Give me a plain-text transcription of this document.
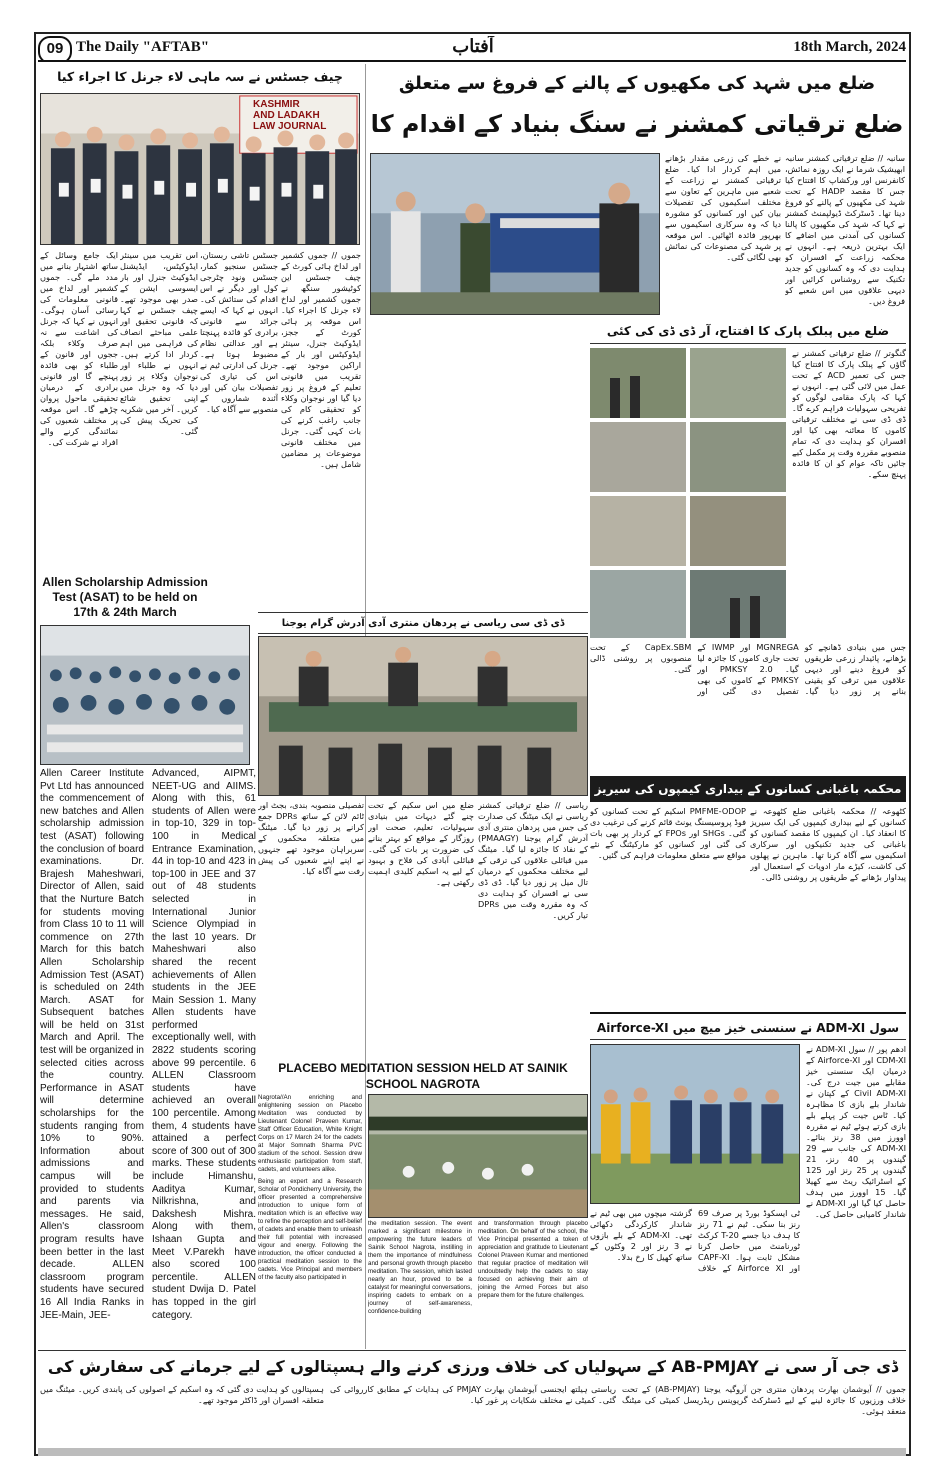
09 The Daily "AFTAB"	آفتاب	18th March, 2024
چیف جسٹس نے سہ ماہی لاء جرنل کا اجراء کیا
KASHMIR
AND LADAKH
LAW JOURNAL
جموں // جموں کشمیر اور لداخ ہائی کورٹ کے چیف جسٹس این کوٹیشور سنگھ نے جموں کشمیر اور لداخ لاء جرنل کا اجراء کیا۔ اس موقعہ پر ہائی کورٹ کے ججز، ایڈوکیٹ جنرل، سینئر ایڈوکیٹس اور بار کے اراکین موجود تھے۔ تقریب میں قانونی تعلیم کے فروغ پر زور دیا گیا اور نوجوان وکلاء کو تحقیقی کام کی جانب راغب کرنے کی بات کہی گئی۔ جرنل میں مختلف قانونی موضوعات پر مضامین شامل ہیں۔
جسٹس تاشی ربستان، جسٹس سنجیو کمار، جسٹس ونود چٹرجی کول اور دیگر نے اس اقدام کی ستائش کی۔ انہوں نے کہا کہ ایسے جرائد سے قانونی برادری کو فائدہ پہنچتا ہے اور عدالتی نظام مضبوط ہوتا ہے۔ جرنل کی ادارتی ٹیم نے اس کی تیاری کی تفصیلات بیان کیں اور آئندہ شماروں کے منصوبے سے آگاہ کیا۔
اس تقریب میں سینئر ایڈوکیٹس، ایڈیشنل ایڈوکیٹ جنرل اور بار ایسوسی ایشن کے صدر بھی موجود تھے۔ چیف جسٹس نے کہا کہ قانونی تحقیق اور علمی مباحثے انصاف کی فراہمی میں اہم کردار ادا کرتے ہیں۔ انہوں نے طلباء اور نوجوان وکلاء پر زور دیا کہ وہ جرنل میں اپنی تحقیق شائع کریں۔ آخر میں شکریہ کی تحریک پیش کی گئی۔
ایک جامع وسائل کے ساتھ اشتہار بنانے میں مدد ملے گی۔ جموں کشمیر اور لداخ میں قانونی معلومات کی رسائی آسان ہوگی۔ انہوں نے کہا کہ جرنل کی اشاعت سے نہ صرف وکلاء بلکہ ججوں اور قانون کے طلباء کو بھی فائدہ پہنچے گا اور قانونی برادری کے درمیان تحقیقی ماحول پروان چڑھے گا۔ اس موقعہ پر مختلف شعبوں کی نمائندگی کرنے والے افراد نے شرکت کی۔
Allen Scholarship Admission Test (ASAT) to be held on 17th & 24th March
Allen Career Institute Pvt Ltd has announced the commencement of new batches and Allen scholarship admission test (ASAT) following the conclusion of board examinations. Dr. Brajesh Maheshwari, Director of Allen, said that the Nurture Batch for students moving from Class 10 to 11 will commence on 27th March for this batch Allen Scholarship Admission Test (ASAT) is scheduled on 24th March. ASAT for Subsequent batches will be held on 31st March and April. The test will be organized in selected cities across the country. Performance in ASAT will determine scholarships for the students ranging from 10% to 90%. Information about admissions and campus will be provided to students and parents via messages. He said, Allen's classroom program results have been better in the last decade. ALLEN classroom program students have secured 16 All India Ranks in JEE-Main, JEE-
Advanced, AIPMT, NEET-UG and AIIMS. Along with this, 61 students of Allen were in top-10, 329 in top-100 in Medical Entrance Examination, 44 in top-10 and 423 in top-100 in JEE and 37 out of 48 students selected in International Junior Science Olympiad in the last 10 years. Dr Maheshwari also shared the recent achievements of Allen students in the JEE Main Session 1. Many Allen students have performed exceptionally well, with 2822 students scoring above 99 percentile. 6 ALLEN Classroom students have achieved an overall 100 percentile. Among them, 4 students have attained a perfect score of 300 out of 300 marks. These students include Himanshu, Aaditya Kumar, Nilkrishna, and Dakshesh Mishra. Along with them, Ishaan Gupta and Meet V.Parekh have also scored 100 percentile. ALLEN student Dwija D. Patel has topped in the girl category.
ضلع میں شہد کی مکھیوں کے پالنے کے فروغ سے متعلق
ضلع ترقیاتی کمشنر نے سنگ بنیاد کے اقدام کا
نے خطے کی زرعی مقدار بڑھانے میں اہم کردار ادا کیا۔ ضلع ترقیاتی کمشنر نے زراعت کے شعبے میں ماہرین کے تعاون سے مختلف اسکیموں کی تفصیلات بیان کیں اور کسانوں کو مشورہ دیا کہ وہ سرکاری اسکیموں سے بھرپور فائدہ اٹھائیں۔ اس موقعہ پر شہد کی مصنوعات کی نمائش بھی لگائی گئی۔
سانبہ // ضلع ترقیاتی کمشنر سانبہ ابھیشیک شرما نے ایک روزہ نمائش، کانفرنس اور ورکشاپ کا افتتاح کیا جس کا مقصد HADP کے تحت شہد کی مکھیوں کے پالنے کو فروغ دینا تھا۔ ڈسٹرکٹ ڈیولپمنٹ کمشنر نے کہا کہ شہد کی مکھیوں کا پالنا کسانوں کی آمدنی میں اضافے کا ایک بہترین ذریعہ ہے۔ انہوں نے محکمہ زراعت کے افسران کو ہدایت دی کہ وہ کسانوں کو جدید تکنیک سے روشناس کرائیں اور دیہی علاقوں میں اس شعبے کو فروغ دیں۔
ضلع میں پبلک پارک کا افتتاح، آر ڈی ڈی کی کئی
گنگوتر // ضلع ترقیاتی کمشنر نے گاؤں کے پبلک پارک کا افتتاح کیا جس کی تعمیر ACD کے تحت عمل میں لائی گئی ہے۔ انہوں نے کہا کہ پارک مقامی لوگوں کو تفریحی سہولیات فراہم کرے گا۔ ڈی ڈی سی نے مختلف ترقیاتی کاموں کا معائنہ بھی کیا اور افسران کو ہدایت دی کہ تمام منصوبے مقررہ وقت پر مکمل کیے جائیں تاکہ عوام کو ان کا فائدہ پہنچ سکے۔
جس میں بنیادی ڈھانچے کو بڑھانے، پائیدار زرعی طریقوں کو فروغ دینے اور دیہی علاقوں میں ترقی کو یقینی بنانے پر زور دیا گیا۔ MGNREGA اور IWMP کے تحت جاری کاموں کا جائزہ لیا گیا۔ PMKSY 2.0 اور PMKSY کے کاموں کی بھی تفصیل دی گئی اور CapEx.SBM کے تحت منصوبوں پر روشنی ڈالی گئی۔
ڈی ڈی سی ریاسی نے پردھان منتری آدی آدرش گرام یوجنا
ریاسی // ضلع ترقیاتی کمشنر ریاسی نے ایک میٹنگ کی صدارت کی جس میں پردھان منتری آدی آدرش گرام یوجنا (PMAAGY) کے نفاذ کا جائزہ لیا گیا۔ میٹنگ میں قبائلی علاقوں کی ترقی کے لیے مختلف محکموں کے درمیان تال میل پر زور دیا گیا۔ ڈی ڈی سی نے افسران کو ہدایت دی کہ وہ مقررہ وقت میں DPRs تیار کریں۔
ضلع میں اس سکیم کے تحت چنے گئے دیہات میں بنیادی سہولیات، تعلیم، صحت اور روزگار کے مواقع کو بہتر بنانے کی ضرورت پر بات کی گئی۔ قبائلی آبادی کی فلاح و بہبود کے لیے یہ اسکیم کلیدی اہمیت رکھتی ہے۔
تفصیلی منصوبہ بندی، بجٹ اور ٹائم لائن کے ساتھ DPRs جمع کرانے پر زور دیا گیا۔ میٹنگ میں متعلقہ محکموں کے سربراہان موجود تھے جنہوں نے اپنے اپنے شعبوں کی پیش رفت سے آگاہ کیا۔
PLACEBO MEDITATION SESSION HELD AT SAINIK SCHOOL NAGROTA
Nagrota//An enriching and enlightening session on Placebo Meditation was conducted by Lieutenant Colonel Praveen Kumar, Staff Officer Education, White Knight Corps on 17 March 24 for the cadets at Major Somnath Sharma PVC stadium of the school. Session drew enthusiastic participation from staff, cadets, and volunteers alike.
Being an expert and a Research Scholar of Pondicherry University, the officer presented a comprehensive introduction to unique form of meditation which is an effective way to refine the perception and self-belief of cadets and enable them to unleash their full potential with increased vigour and energy. Following the introduction, the officer conducted a practical meditation session to the cadets. Vice Principal and members of the faculty also participated in
the meditation session. The event marked a significant milestone in empowering the future leaders of Sainik School Nagrota, instilling in them the importance of mindfulness and personal growth through placebo meditation. The session, which lasted nearly an hour, proved to be a catalyst for meaningful conversations, inspiring cadets to embark on a journey of self-awareness, confidence-building
and transformation through placebo meditation. On behalf of the school, the Vice Principal presented a token of appreciation and gratitude to Lieutenant Colonel Praveen Kumar and mentioned that regular practice of meditation will undoubtedly help the cadets to stay focused on achieving their aim of joining the Armed Forces but also prepare them for the future challenges.
محکمہ باغبانی کسانوں کے بیداری کیمپوں کی سیریز
کٹھوعہ // محکمہ باغبانی ضلع کٹھوعہ نے کسانوں کے لیے بیداری کیمپوں کی ایک سیریز کا انعقاد کیا۔ ان کیمپوں کا مقصد کسانوں کو باغبانی کی جدید تکنیکوں اور سرکاری اسکیموں سے آگاہ کرنا تھا۔ ماہرین نے پھلوں کی کاشت، کیڑے مار ادویات کے استعمال اور پیداوار بڑھانے کے طریقوں پر روشنی ڈالی۔
PMFME-ODOP اسکیم کے تحت کسانوں کو فوڈ پروسیسنگ یونٹ قائم کرنے کی ترغیب دی گئی۔ SHGs اور FPOs کے کردار پر بھی بات کی گئی اور کسانوں کو مارکیٹنگ کے نئے مواقع سے متعلق معلومات فراہم کی گئیں۔
سول ADM-XI نے سنسنی خیز میچ میں Airforce-XI
ادھم پور // سول ADM-XI نے CDM-XI اور Airforce-XI کے درمیان ایک سنسنی خیز مقابلے میں جیت درج کی۔ Civil ADM-XI کے کپتان نے شاندار بلے بازی کا مظاہرہ کیا۔ ٹاس جیت کر پہلے بلے بازی کرتے ہوئے ٹیم نے مقررہ اوورز میں 38 رنز بنائے۔ ADM-XI کی جانب سے 29 گیندوں پر 40 رنز، 21 گیندوں پر 25 رنز اور 125 کے اسٹرائیک ریٹ سے کھیلا گیا۔ 15 اوورز میں ہدف حاصل کیا گیا اور ADM-XI نے شاندار کامیابی حاصل کی۔
ٹی ایسکوڈ بورڈ پر صرف 69 رنز بنا سکی۔ ٹیم نے 71 رنز کا ہدف دیا جسے T-20 کرکٹ ٹورنامنٹ میں حاصل کرنا مشکل ثابت ہوا۔ CAPF-XI اور Airforce XI کے خلاف گزشتہ میچوں میں بھی ٹیم نے شاندار کارکردگی دکھائی تھی۔ ADM-XI کے بلے بازوں نے 3 رنز اور 2 وکٹوں کے ساتھ کھیل کا رخ بدلا۔
ڈی جی آر سی نے AB-PMJAY کے سہولیاں کی خلاف ورزی کرنے والے ہسپتالوں کے لیے جرمانے کی سفارش کی
جموں // آیوشمان بھارت پردھان منتری جن آروگیہ یوجنا (AB-PMJAY) کے تحت خلاف ورزیوں کا جائزہ لینے کے لیے ڈسٹرکٹ گریوینس ریڈریسل کمیٹی کی میٹنگ منعقد ہوئی۔
ریاستی ہیلتھ ایجنسی آیوشمان بھارت PMJAY کی ہدایات کے مطابق کارروائی کی گئی۔ کمیٹی نے مختلف شکایات پر غور کیا۔
ہسپتالوں کو ہدایت دی گئی کہ وہ اسکیم کے اصولوں کی پابندی کریں۔ میٹنگ میں متعلقہ افسران اور ڈاکٹر موجود تھے۔
